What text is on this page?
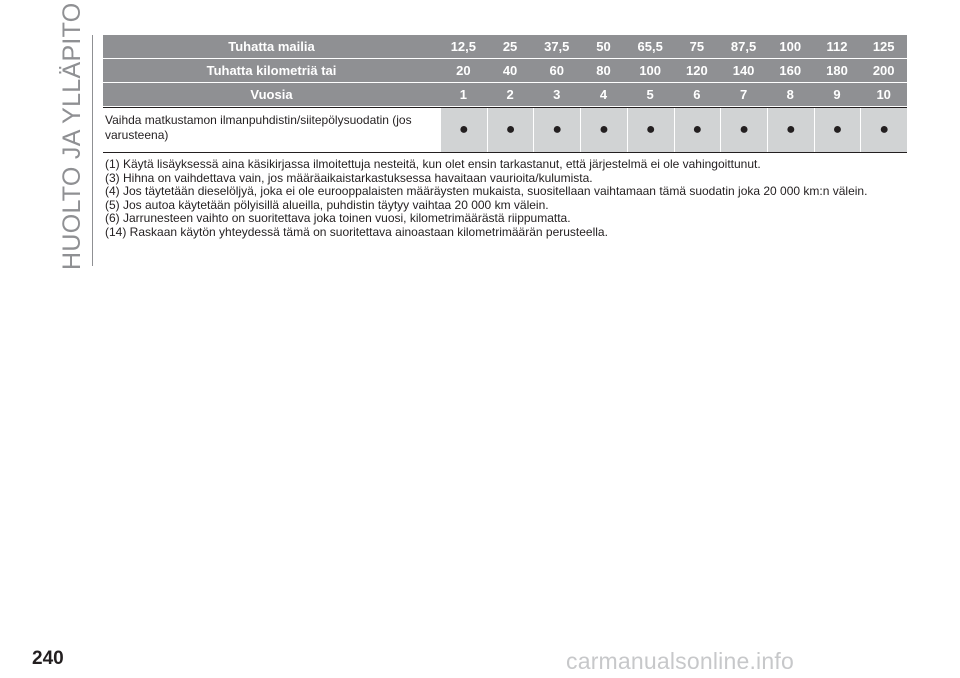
HUOLTO JA YLLÄPITO	Tuhatta mailia	12,5	25	37,5	50	65,5	75	87,5	100	112	125
Tuhatta kilometriä tai	20	40	60	80	100	120	140	160	180	200
Vuosia	1	2	3	4	5	6	7	8	9	10
Vaihda matkustamon ilmanpuhdistin/siitepölysuodatin (jos
varusteena)	●	●	●	●	●	●	●	●	●	●
(1) Käytä lisäyksessä aina käsikirjassa ilmoitettuja nesteitä, kun olet ensin tarkastanut, että järjestelmä ei ole vahingoittunut.
(3) Hihna on vaihdettava vain, jos määräaikaistarkastuksessa havaitaan vaurioita/kulumista.
(4) Jos täytetään dieselöljyä, joka ei ole eurooppalaisten määräysten mukaista, suositellaan vaihtamaan tämä suodatin joka 20 000 km:n välein.
(5) Jos autoa käytetään pölyisillä alueilla, puhdistin täytyy vaihtaa 20 000 km välein.
(6) Jarrunesteen vaihto on suoritettava joka toinen vuosi, kilometrimäärästä riippumatta.
(14) Raskaan käytön yhteydessä tämä on suoritettava ainoastaan kilometrimäärän perusteella.
240	carmanualsonline.info
